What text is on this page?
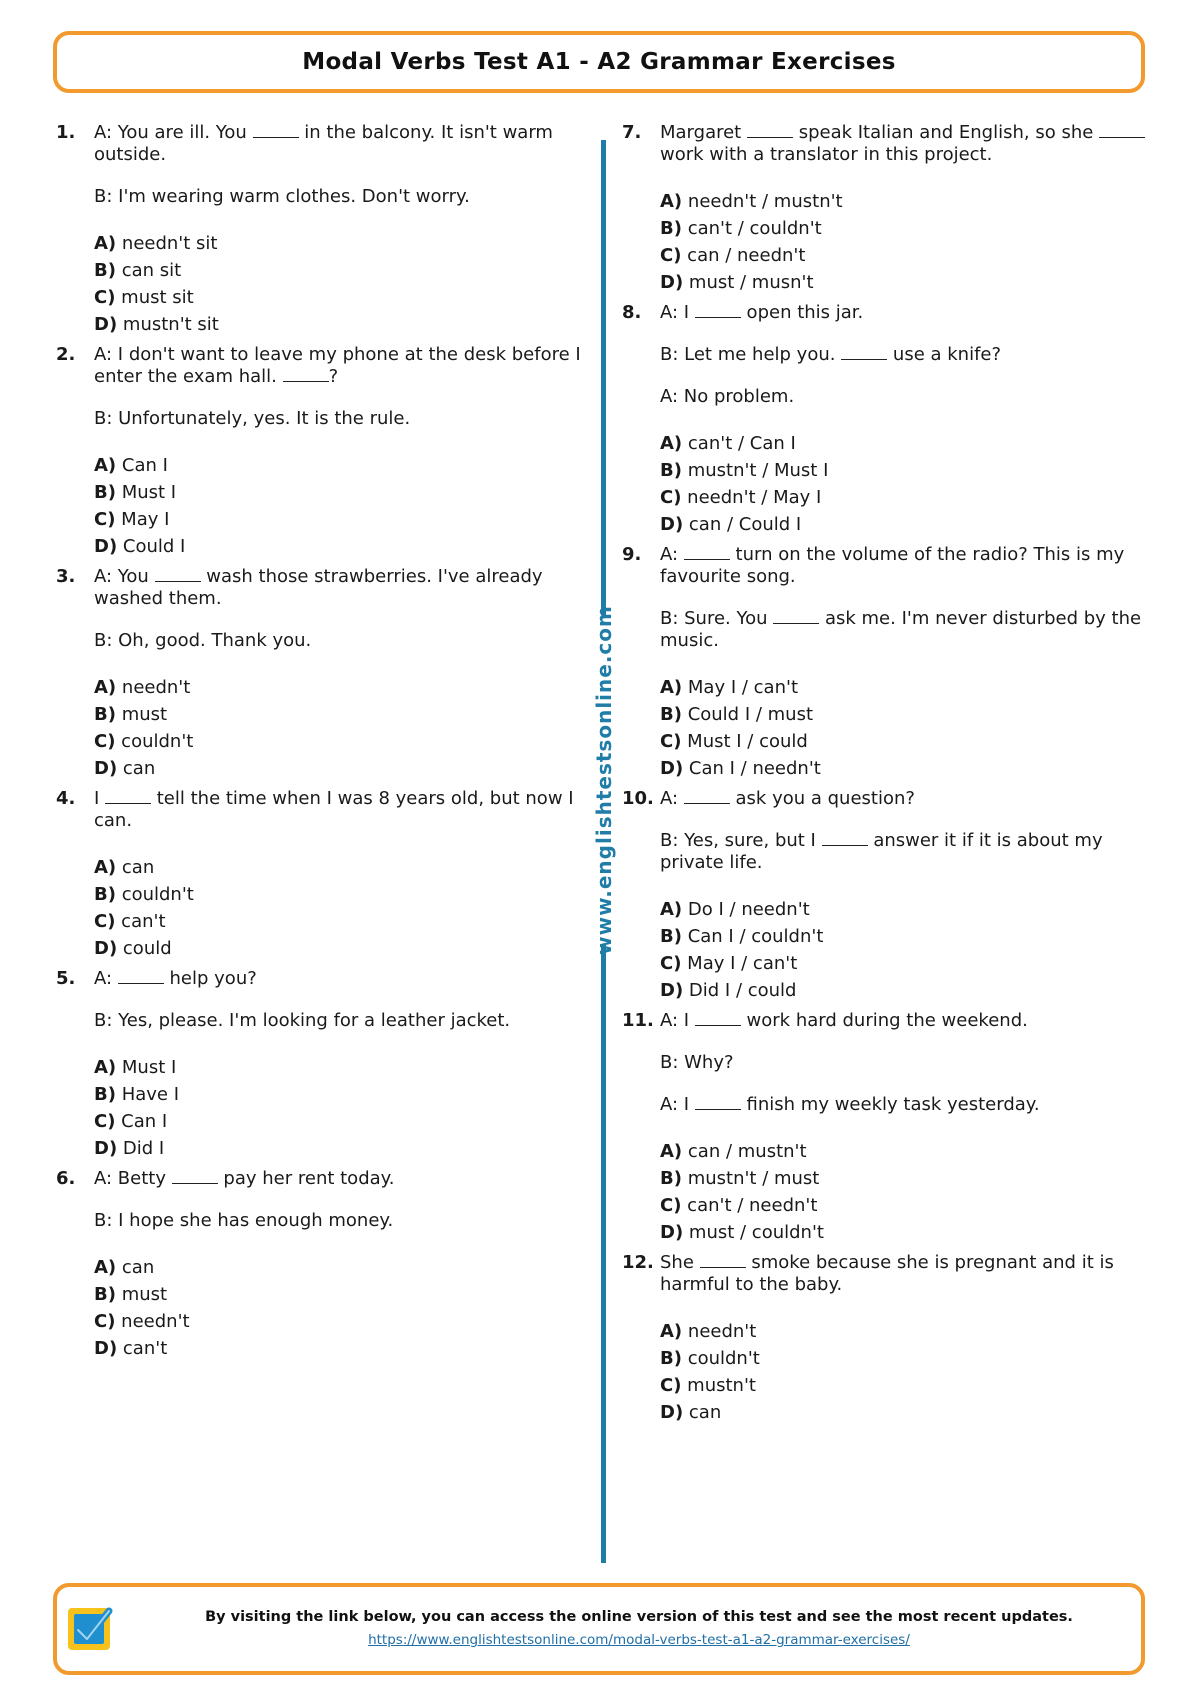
Modal Verbs Test A1 - A2 Grammar Exercises
1. A: You are ill. You	in the balcony. It isn't warm outside.

B: I'm wearing warm clothes. Don't worry.

A) needn't sit
B) can sit
C) must sit
D) mustn't sit
2. A: I don't want to leave my phone at the desk before I enter the exam hall.	?

B: Unfortunately, yes. It is the rule.

A) Can I
B) Must I
C) May I
D) Could I
3. A: You	wash those strawberries. I've already washed them.

B: Oh, good. Thank you.

A) needn't
B) must
C) couldn't
D) can
4. I	tell the time when I was 8 years old, but now I can.

A) can
B) couldn't
C) can't
D) could
5. A:	help you?

B: Yes, please. I'm looking for a leather jacket.

A) Must I
B) Have I
C) Can I
D) Did I
6. A: Betty	pay her rent today.

B: I hope she has enough money.

A) can
B) must
C) needn't
D) can't
www.englishtestsonline.com
7. Margaret	speak Italian and English, so she  work with a translator in this project.

A) needn't / mustn't
B) can't / couldn't
C) can / needn't
D) must / musn't
8. A: I	open this jar.

B: Let me help you.	use a knife?

A: No problem.

A) can't / Can I
B) mustn't / Must I
C) needn't / May I
D) can / Could I
9. A:	turn on the volume of the radio? This is my favourite song.

B: Sure. You	ask me. I'm never disturbed by the music.

A) May I / can't
B) Could I / must
C) Must I / could
D) Can I / needn't
10. A:	ask you a question?

B: Yes, sure, but I	answer it if it is about my private life.

A) Do I / needn't
B) Can I / couldn't
C) May I / can't
D) Did I / could
11. A: I	work hard during the weekend.

B: Why?

A: I	finish my weekly task yesterday.

A) can / mustn't
B) mustn't / must
C) can't / needn't
D) must / couldn't
12. She	smoke because she is pregnant and it is harmful to the baby.

A) needn't
B) couldn't
C) mustn't
D) can
By visiting the link below, you can access the online version of this test and see the most recent updates.
https://www.englishtestsonline.com/modal-verbs-test-a1-a2-grammar-exercises/
